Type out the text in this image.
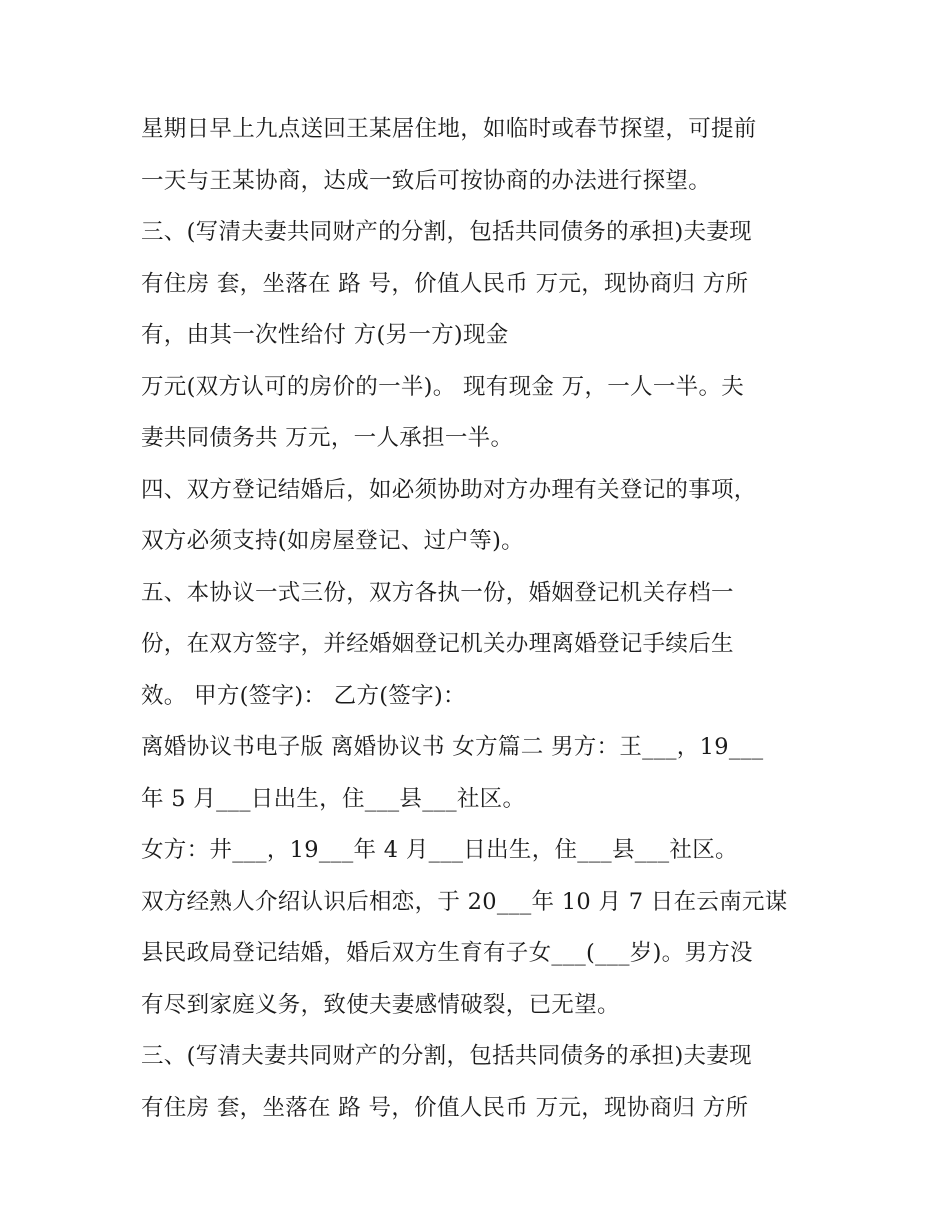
星期日早上九点送回王某居住地，如临时或春节探望，可提前
一天与王某协商，达成一致后可按协商的办法进行探望。
三、(写清夫妻共同财产的分割，包括共同债务的承担)夫妻现
有住房 套，坐落在 路 号，价值人民币 万元，现协商归 方所
有，由其一次性给付 方(另一方)现金
万元(双方认可的房价的一半)。 现有现金 万，一人一半。夫
妻共同债务共 万元，一人承担一半。
四、双方登记结婚后，如必须协助对方办理有关登记的事项，
双方必须支持(如房屋登记、过户等)。
五、本协议一式三份，双方各执一份，婚姻登记机关存档一
份，在双方签字，并经婚姻登记机关办理离婚登记手续后生
效。 甲方(签字)： 乙方(签字)：
离婚协议书电子版 离婚协议书 女方篇二 男方：王___，19___
年 5 月___日出生，住___县___社区。
女方：井___，19___年 4 月___日出生，住___县___社区。
双方经熟人介绍认识后相恋，于 20___年 10 月 7 日在云南元谋
县民政局登记结婚，婚后双方生育有子女___(___岁)。男方没
有尽到家庭义务，致使夫妻感情破裂，已无望。
三、(写清夫妻共同财产的分割，包括共同债务的承担)夫妻现
有住房 套，坐落在 路 号，价值人民币 万元，现协商归 方所
